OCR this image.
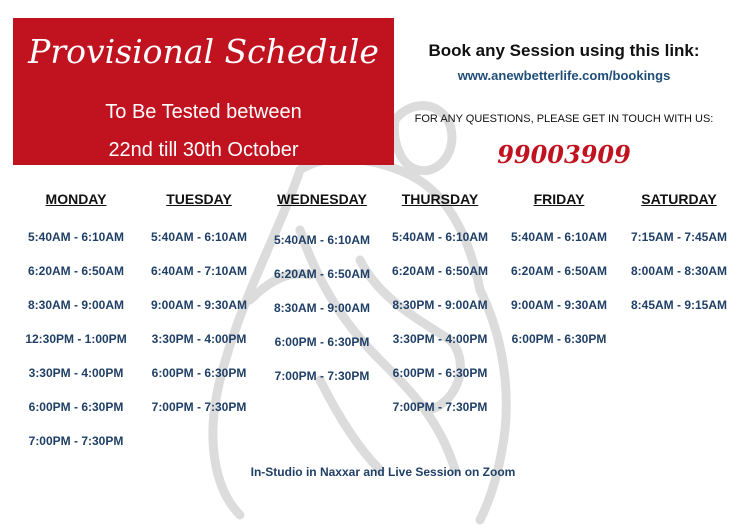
Provisional Schedule
To Be Tested between
22nd till 30th October
Book any Session using this link:
www.anewbetterlife.com/bookings
FOR ANY QUESTIONS, PLEASE GET IN TOUCH WITH US:
99003909
MONDAY
5:40AM - 6:10AM
6:20AM - 6:50AM
8:30AM - 9:00AM
12:30PM - 1:00PM
3:30PM - 4:00PM
6:00PM - 6:30PM
7:00PM - 7:30PM
TUESDAY
5:40AM - 6:10AM
6:40AM - 7:10AM
9:00AM - 9:30AM
3:30PM - 4:00PM
6:00PM - 6:30PM
7:00PM - 7:30PM
WEDNESDAY
5:40AM - 6:10AM
6:20AM - 6:50AM
8:30AM - 9:00AM
6:00PM - 6:30PM
7:00PM - 7:30PM
THURSDAY
5:40AM - 6:10AM
6:20AM - 6:50AM
8:30PM - 9:00AM
3:30PM - 4:00PM
6:00PM - 6:30PM
7:00PM - 7:30PM
FRIDAY
5:40AM - 6:10AM
6:20AM - 6:50AM
9:00AM - 9:30AM
6:00PM - 6:30PM
SATURDAY
7:15AM - 7:45AM
8:00AM - 8:30AM
8:45AM - 9:15AM
In-Studio in Naxxar and Live Session on Zoom
